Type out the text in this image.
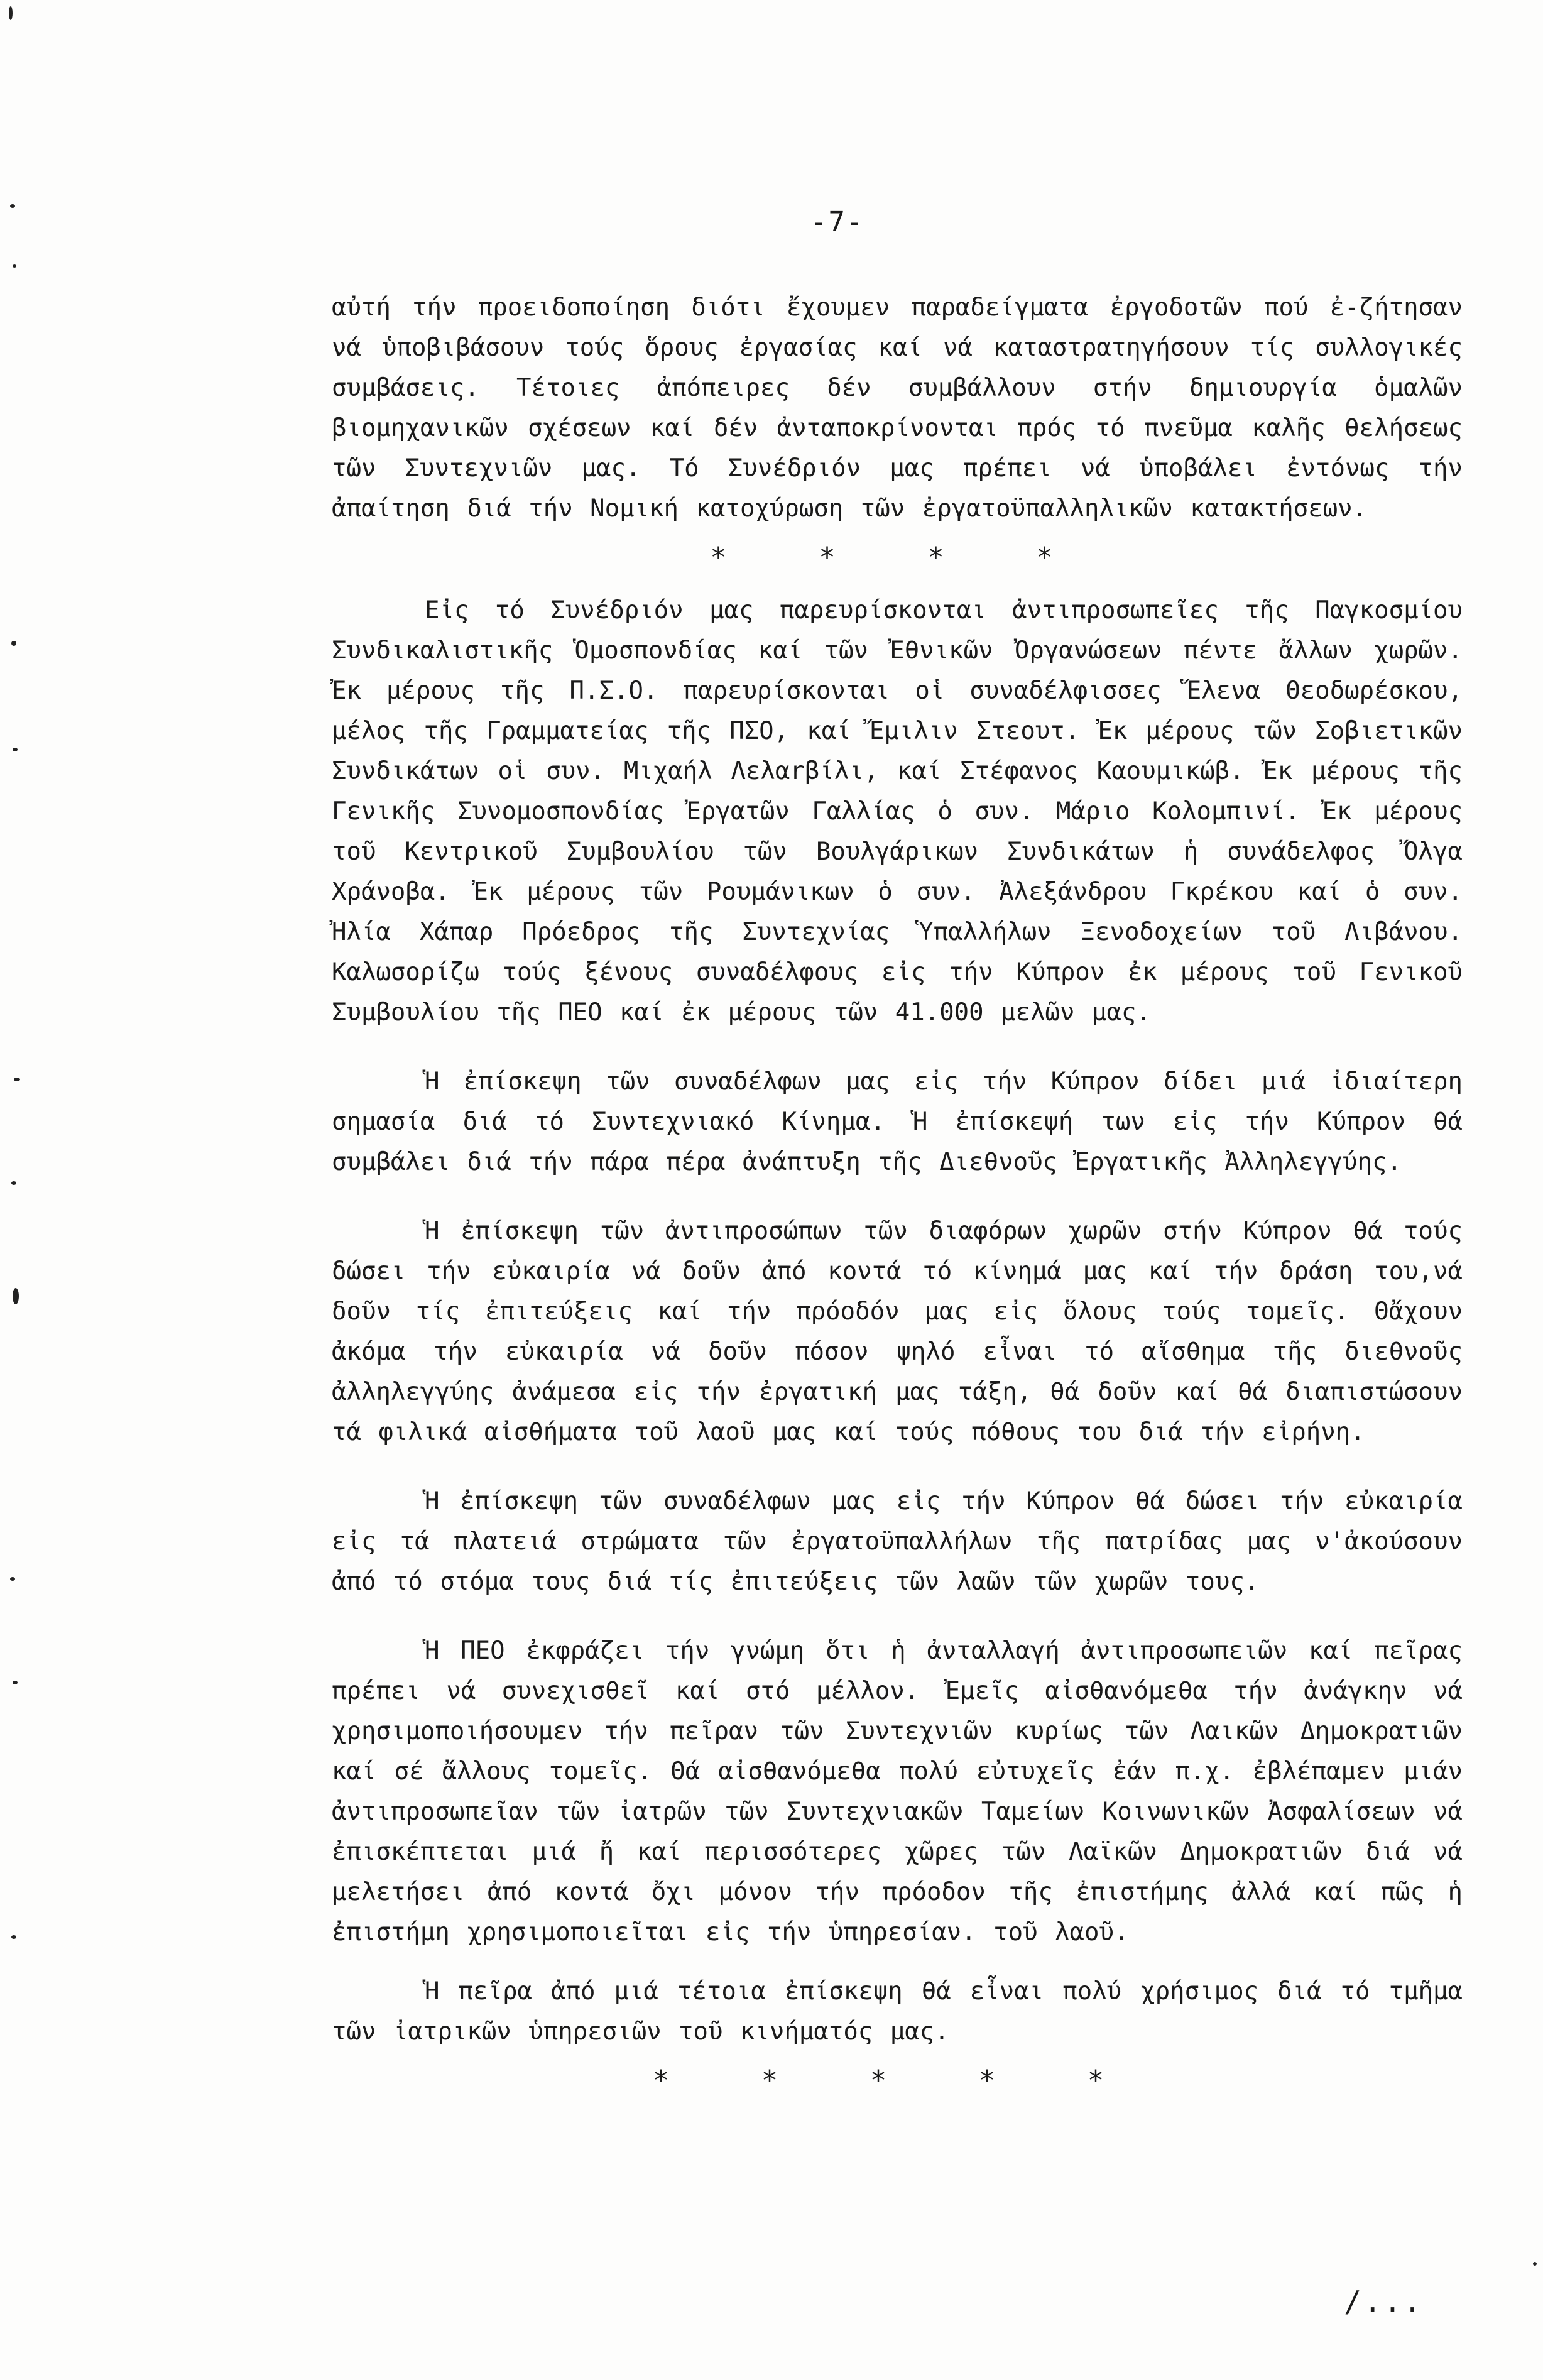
-7-

αὐτή τήν προειδοποίηση διότι ἔχουμεν παραδείγματα ἐργοδοτῶν πού ἐ-ζήτησαν νά ὑποβιβάσουν τούς ὅρους ἐργασίας καί νά καταστρατηγήσουν τίς συλλογικές συμβάσεις. Τέτοιες ἀπόπειρες δέν συμβάλλουν στήν δημιουργία ὁμαλῶν βιομηχανικῶν σχέσεων καί δέν ἀνταποκρίνονται πρός τό πνεῦμα καλῆς θελήσεως τῶν Συντεχνιῶν μας. Τό Συνέδριόν μας πρέπει νά ὑποβάλει ἐντόνως τήν ἀπαίτηση διά τήν Νομική κατοχύρωση τῶν ἐργατοϋπαλληλικῶν κατακτήσεων.

* * * *

Εἰς τό Συνέδριόν μας παρευρίσκονται ἀντιπροσωπεῖες τῆς Παγκοσμίου Συνδικαλιστικῆς Ὁμοσπονδίας καί τῶν Ἐθνικῶν Ὀργανώσεων πέντε ἄλλων χωρῶν. Ἐκ μέρους τῆς Π.Σ.Ο. παρευρίσκονται οἱ συναδέλφισσες Ἕλενα Θεοδωρέσκου, μέλος τῆς Γραμματείας τῆς ΠΣΟ, καί Ἔμιλιν Στεουτ. Ἐκ μέρους τῶν Σοβιετικῶν Συνδικάτων οἱ συν. Μιχαήλ Λελαrβίλι, καί Στέφανος Καουμικώβ. Ἐκ μέρους τῆς Γενικῆς Συνομοσπονδίας Ἐργατῶν Γαλλίας ὁ συν. Μάριο Κολομπινί. Ἐκ μέρους τοῦ Κεντρικοῦ Συμβουλίου τῶν Βουλγάρικων Συνδικάτων ἡ συνάδελφος Ὄλγα Χράνοβα. Ἐκ μέρους τῶν Ρουμάνικων ὁ συν. Ἀλεξάνδρου Γκρέκου καί ὁ συν. Ἠλία Χάπαρ Πρόεδρος τῆς Συντεχνίας Ὑπαλλήλων Ξενοδοχείων τοῦ Λιβάνου. Καλωσορίζω τούς ξένους συναδέλφους εἰς τήν Κύπρον ἐκ μέρους τοῦ Γενικοῦ Συμβουλίου τῆς ΠΕΟ καί ἐκ μέρους τῶν 41.000 μελῶν μας.

Ἡ ἐπίσκεψη τῶν συναδέλφων μας εἰς τήν Κύπρον δίδει μιά ἰδιαίτερη σημασία διά τό Συντεχνιακό Κίνημα. Ἡ ἐπίσκεψή των εἰς τήν Κύπρον θά συμβάλει διά τήν πάρα πέρα ἀνάπτυξη τῆς Διεθνοῦς Ἐργατικῆς Ἀλληλεγγύης.

Ἡ ἐπίσκεψη τῶν ἀντιπροσώπων τῶν διαφόρων χωρῶν στήν Κύπρον θά τούς δώσει τήν εὐκαιρία νά δοῦν ἀπό κοντά τό κίνημά μας καί τήν δράση του,νά δοῦν τίς ἐπιτεύξεις καί τήν πρόοδόν μας εἰς ὅλους τούς τομεῖς. Θἄχουν ἀκόμα τήν εὐκαιρία νά δοῦν πόσον ψηλό εἶναι τό αἴσθημα τῆς διεθνοῦς ἀλληλεγγύης ἀνάμεσα εἰς τήν ἐργατική μας τάξη, θά δοῦν καί θά διαπιστώσουν τά φιλικά αἰσθήματα τοῦ λαοῦ μας καί τούς πόθους του διά τήν εἰρήνη.

Ἡ ἐπίσκεψη τῶν συναδέλφων μας εἰς τήν Κύπρον θά δώσει τήν εὐκαιρία εἰς τά πλατειά στρώματα τῶν ἐργατοϋπαλλήλων τῆς πατρίδας μας ν'ἀκούσουν ἀπό τό στόμα τους διά τίς ἐπιτεύξεις τῶν λαῶν τῶν χωρῶν τους.

Ἡ ΠΕΟ ἐκφράζει τήν γνώμη ὅτι ἡ ἀνταλλαγή ἀντιπροσωπειῶν καί πεῖρας πρέπει νά συνεχισθεῖ καί στό μέλλον. Ἐμεῖς αἰσθανόμεθα τήν ἀνάγκην νά χρησιμοποιήσουμεν τήν πεῖραν τῶν Συντεχνιῶν κυρίως τῶν Λαικῶν Δημοκρατιῶν καί σέ ἄλλους τομεῖς. Θά αἰσθανόμεθα πολύ εὐτυχεῖς ἐάν π.χ. ἐβλέπαμεν μιάν ἀντιπροσωπεῖαν τῶν ἰατρῶν τῶν Συντεχνιακῶν Ταμείων Κοινωνικῶν Ἀσφαλίσεων νά ἐπισκέπτεται μιά ἤ καί περισσότερες χῶρες τῶν Λαϊκῶν Δημοκρατιῶν διά νά μελετήσει ἀπό κοντά ὄχι μόνον τήν πρόοδον τῆς ἐπιστήμης ἀλλά καί πῶς ἡ ἐπιστήμη χρησιμοποιεῖται εἰς τήν ὑπηρεσίαν. τοῦ λαοῦ.

Ἡ πεῖρα ἀπό μιά τέτοια ἐπίσκεψη θά εἶναι πολύ χρήσιμος διά τό τμῆμα τῶν ἰατρικῶν ὑπηρεσιῶν τοῦ κινήματός μας.

* * * * *
/...
